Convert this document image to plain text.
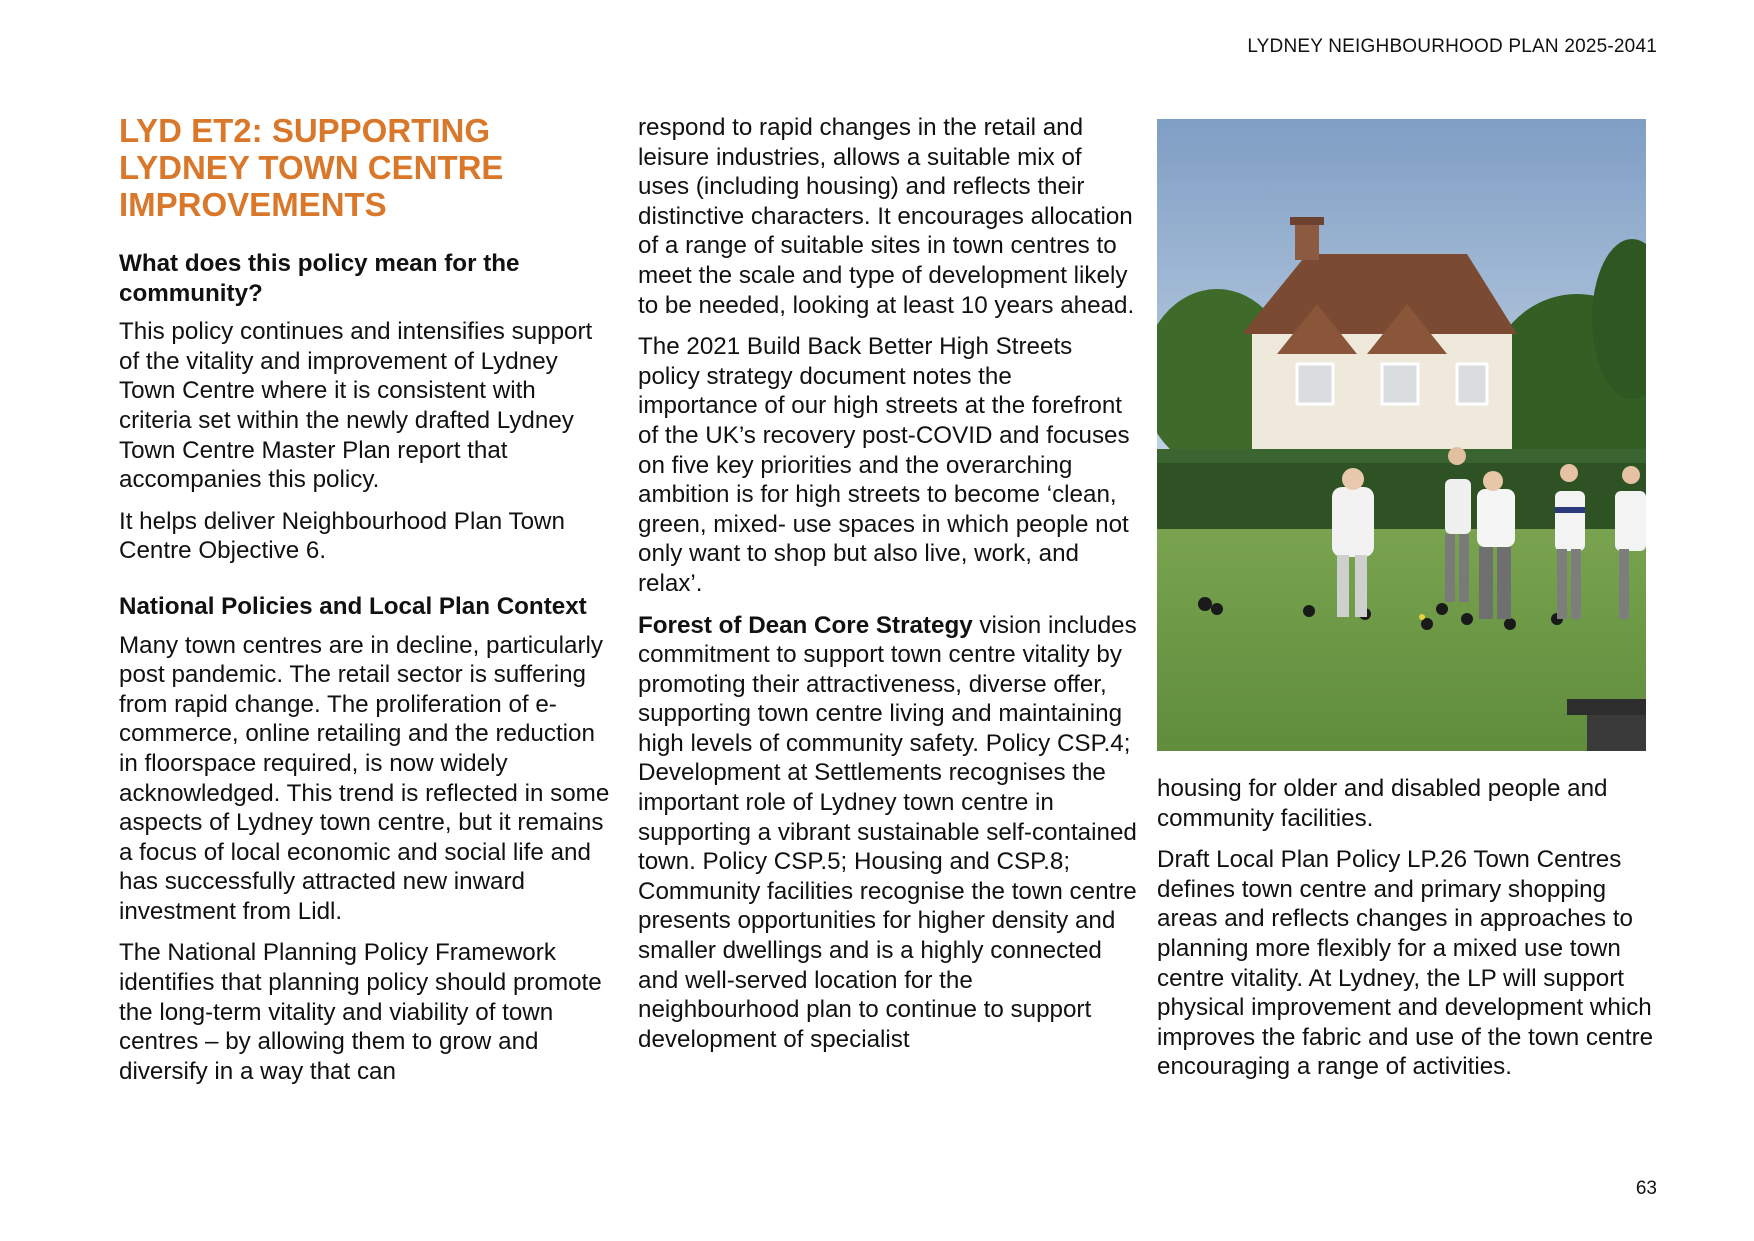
LYDNEY NEIGHBOURHOOD PLAN 2025-2041
LYD ET2: SUPPORTING LYDNEY TOWN CENTRE IMPROVEMENTS
What does this policy mean for the community?

This policy continues and intensifies support of the vitality and improvement of Lydney Town Centre where it is consistent with criteria set within the newly drafted Lydney Town Centre Master Plan report that accompanies this policy.

It helps deliver Neighbourhood Plan Town Centre Objective 6.

National Policies and Local Plan Context

Many town centres are in decline, particularly post pandemic. The retail sector is suffering from rapid change. The proliferation of e-commerce, online retailing and the reduction in floorspace required, is now widely acknowledged. This trend is reflected in some aspects of Lydney town centre, but it remains a focus of local economic and social life and has successfully attracted new inward investment from Lidl.

The National Planning Policy Framework identifies that planning policy should promote the long-term vitality and viability of town centres – by allowing them to grow and diversify in a way that can

respond to rapid changes in the retail and leisure industries, allows a suitable mix of uses (including housing) and reflects their distinctive characters. It encourages allocation of a range of suitable sites in town centres to meet the scale and type of development likely to be needed, looking at least 10 years ahead.

The 2021 Build Back Better High Streets policy strategy document notes the importance of our high streets at the forefront of the UK’s recovery post-COVID and focuses on five key priorities and the overarching ambition is for high streets to become ‘clean, green, mixed- use spaces in which people not only want to shop but also live, work, and relax’.

Forest of Dean Core Strategy vision includes commitment to support town centre vitality by promoting their attractiveness, diverse offer, supporting town centre living and maintaining high levels of community safety. Policy CSP.4; Development at Settlements recognises the important role of Lydney town centre in supporting a vibrant sustainable self-contained town. Policy CSP.5; Housing and CSP.8; Community facilities recognise the town centre presents opportunities for higher density and smaller dwellings and is a highly connected and well-served location for the neighbourhood plan to continue to support development of specialist

housing for older and disabled people and community facilities.

Draft Local Plan Policy LP.26 Town Centres defines town centre and primary shopping areas and reflects changes in approaches to planning more flexibly for a mixed use town centre vitality. At Lydney, the LP will support physical improvement and development which improves the fabric and use of the town centre encouraging a range of activities.

63
